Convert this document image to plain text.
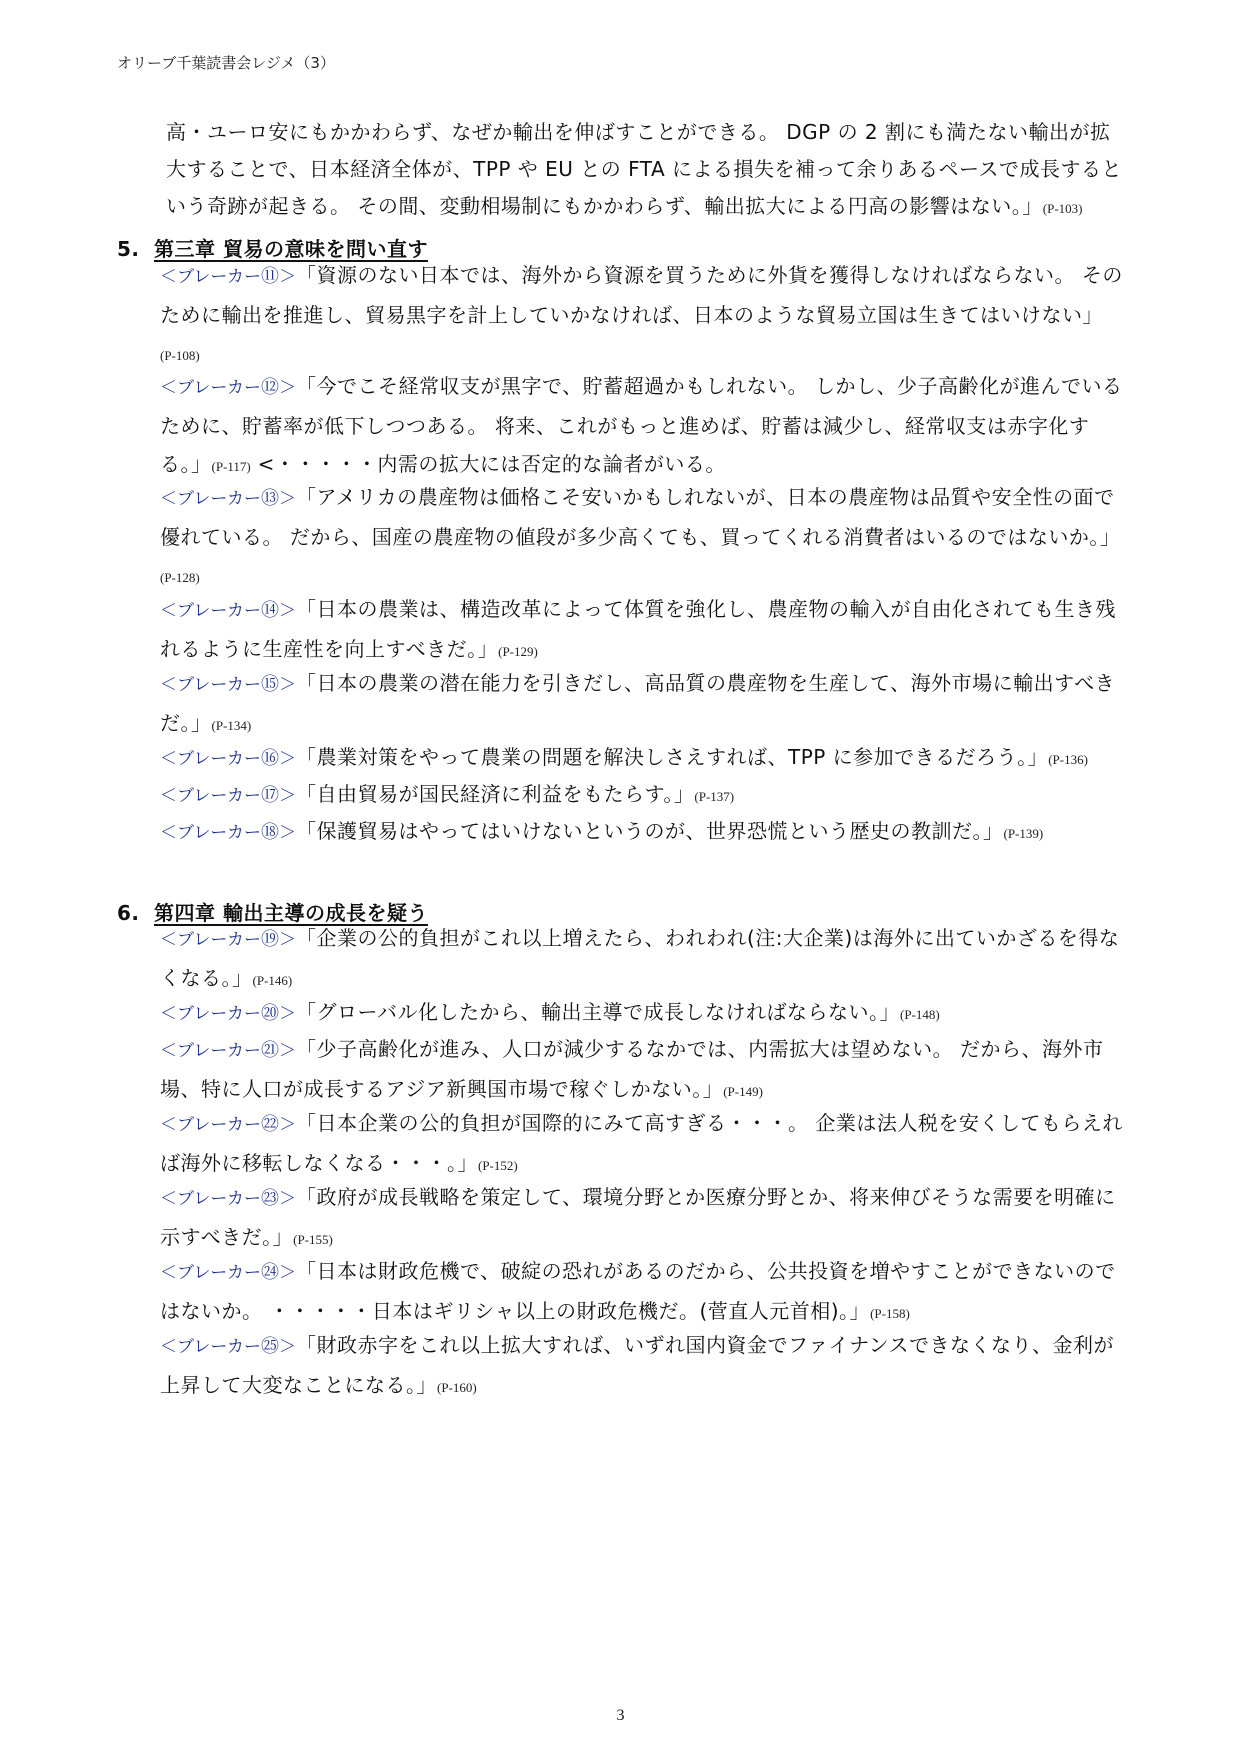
オリーブ千葉読書会レジメ（3）
高・ユーロ安にもかかわらず、なぜか輸出を伸ばすことができる。 DGP の 2 割にも満たない輸出が拡大することで、日本経済全体が、TPP や EU との FTA による損失を補って余りあるペースで成長するという奇跡が起きる。 その間、変動相場制にもかかわらず、輸出拡大による円高の影響はない。」(P-103)
5. 第三章 貿易の意味を問い直す
＜ブレーカー⑪＞「資源のない日本では、海外から資源を買うために外貨を獲得しなければならない。 そのために輸出を推進し、貿易黒字を計上していかなければ、日本のような貿易立国は生きてはいけない」
(P-108)
＜ブレーカー⑫＞「今でこそ経常収支が黒字で、貯蓄超過かもしれない。 しかし、少子高齢化が進んでいるために、貯蓄率が低下しつつある。 将来、これがもっと進めば、貯蓄は減少し、経常収支は赤字化する。」(P-117) <・・・・・内需の拡大には否定的な論者がいる。
＜ブレーカー⑬＞「アメリカの農産物は価格こそ安いかもしれないが、日本の農産物は品質や安全性の面で優れている。 だから、国産の農産物の値段が多少高くても、買ってくれる消費者はいるのではないか。」
(P-128)
＜ブレーカー⑭＞「日本の農業は、構造改革によって体質を強化し、農産物の輸入が自由化されても生き残れるように生産性を向上すべきだ。」(P-129)
＜ブレーカー⑮＞「日本の農業の潜在能力を引きだし、高品質の農産物を生産して、海外市場に輸出すべきだ。」(P-134)
＜ブレーカー⑯＞「農業対策をやって農業の問題を解決しさえすれば、TPP に参加できるだろう。」(P-136)
＜ブレーカー⑰＞「自由貿易が国民経済に利益をもたらす。」(P-137)
＜ブレーカー⑱＞「保護貿易はやってはいけないというのが、世界恐慌という歴史の教訓だ。」(P-139)
6. 第四章 輸出主導の成長を疑う
＜ブレーカー⑲＞「企業の公的負担がこれ以上増えたら、われわれ(注:大企業)は海外に出ていかざるを得なくなる。」(P-146)
＜ブレーカー⑳＞「グローバル化したから、輸出主導で成長しなければならない。」(P-148)
＜ブレーカー㉑＞「少子高齢化が進み、人口が減少するなかでは、内需拡大は望めない。 だから、海外市場、特に人口が成長するアジア新興国市場で稼ぐしかない。」(P-149)
＜ブレーカー㉒＞「日本企業の公的負担が国際的にみて高すぎる・・・。 企業は法人税を安くしてもらえれば海外に移転しなくなる・・・。」(P-152)
＜ブレーカー㉓＞「政府が成長戦略を策定して、環境分野とか医療分野とか、将来伸びそうな需要を明確に示すべきだ。」(P-155)
＜ブレーカー㉔＞「日本は財政危機で、破綻の恐れがあるのだから、公共投資を増やすことができないのではないか。 ・・・・・日本はギリシャ以上の財政危機だ。(菅直人元首相)。」(P-158)
＜ブレーカー㉕＞「財政赤字をこれ以上拡大すれば、いずれ国内資金でファイナンスできなくなり、金利が上昇して大変なことになる。」(P-160)
3
